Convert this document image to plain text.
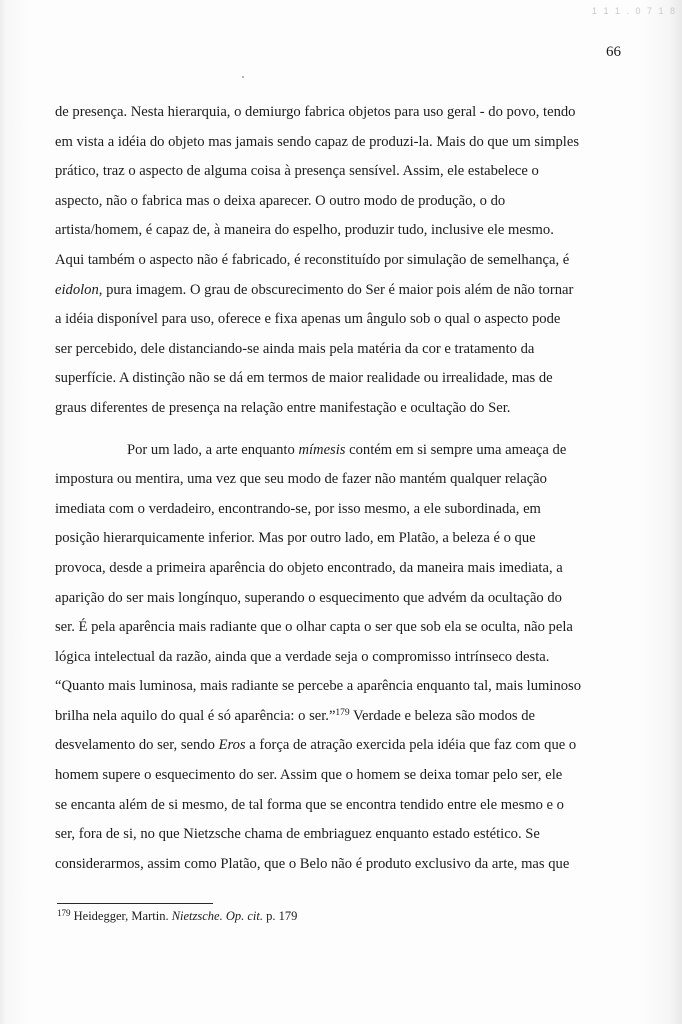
1 1 1 . 0 7 1 8
66
de presença. Nesta hierarquia, o demiurgo fabrica objetos para uso geral - do povo, tendo
em vista a idéia do objeto mas jamais sendo capaz de produzi-la. Mais do que um simples
prático, traz o aspecto de alguma coisa à presença sensível. Assim, ele estabelece o
aspecto, não o fabrica mas o deixa aparecer. O outro modo de produção, o do
artista/homem, é capaz de, à maneira do espelho, produzir tudo, inclusive ele mesmo.
Aqui também o aspecto não é fabricado, é reconstituído por simulação de semelhança, é
eidolon, pura imagem. O grau de obscurecimento do Ser é maior pois além de não tornar
a idéia disponível para uso, oferece e fixa apenas um ângulo sob o qual o aspecto pode
ser percebido, dele distanciando-se ainda mais pela matéria da cor e tratamento da
superfície. A distinção não se dá em termos de maior realidade ou irrealidade, mas de
graus diferentes de presença na relação entre manifestação e ocultação do Ser.
Por um lado, a arte enquanto mímesis contém em si sempre uma ameaça de
impostura ou mentira, uma vez que seu modo de fazer não mantém qualquer relação
imediata com o verdadeiro, encontrando-se, por isso mesmo, a ele subordinada, em
posição hierarquicamente inferior. Mas por outro lado, em Platão, a beleza é o que
provoca, desde a primeira aparência do objeto encontrado, da maneira mais imediata, a
aparição do ser mais longínquo, superando o esquecimento que advém da ocultação do
ser. É pela aparência mais radiante que o olhar capta o ser que sob ela se oculta, não pela
lógica intelectual da razão, ainda que a verdade seja o compromisso intrínseco desta.
“Quanto mais luminosa, mais radiante se percebe a aparência enquanto tal, mais luminoso
brilha nela aquilo do qual é só aparência: o ser.”$^{179}$ Verdade e beleza são modos de
desvelamento do ser, sendo Eros a força de atração exercida pela idéia que faz com que o
homem supere o esquecimento do ser. Assim que o homem se deixa tomar pelo ser, ele
se encanta além de si mesmo, de tal forma que se encontra tendido entre ele mesmo e o
ser, fora de si, no que Nietzsche chama de embriaguez enquanto estado estético. Se
considerarmos, assim como Platão, que o Belo não é produto exclusivo da arte, mas que
$^{179}$ Heidegger, Martin. Nietzsche. Op. cit. p. 179
